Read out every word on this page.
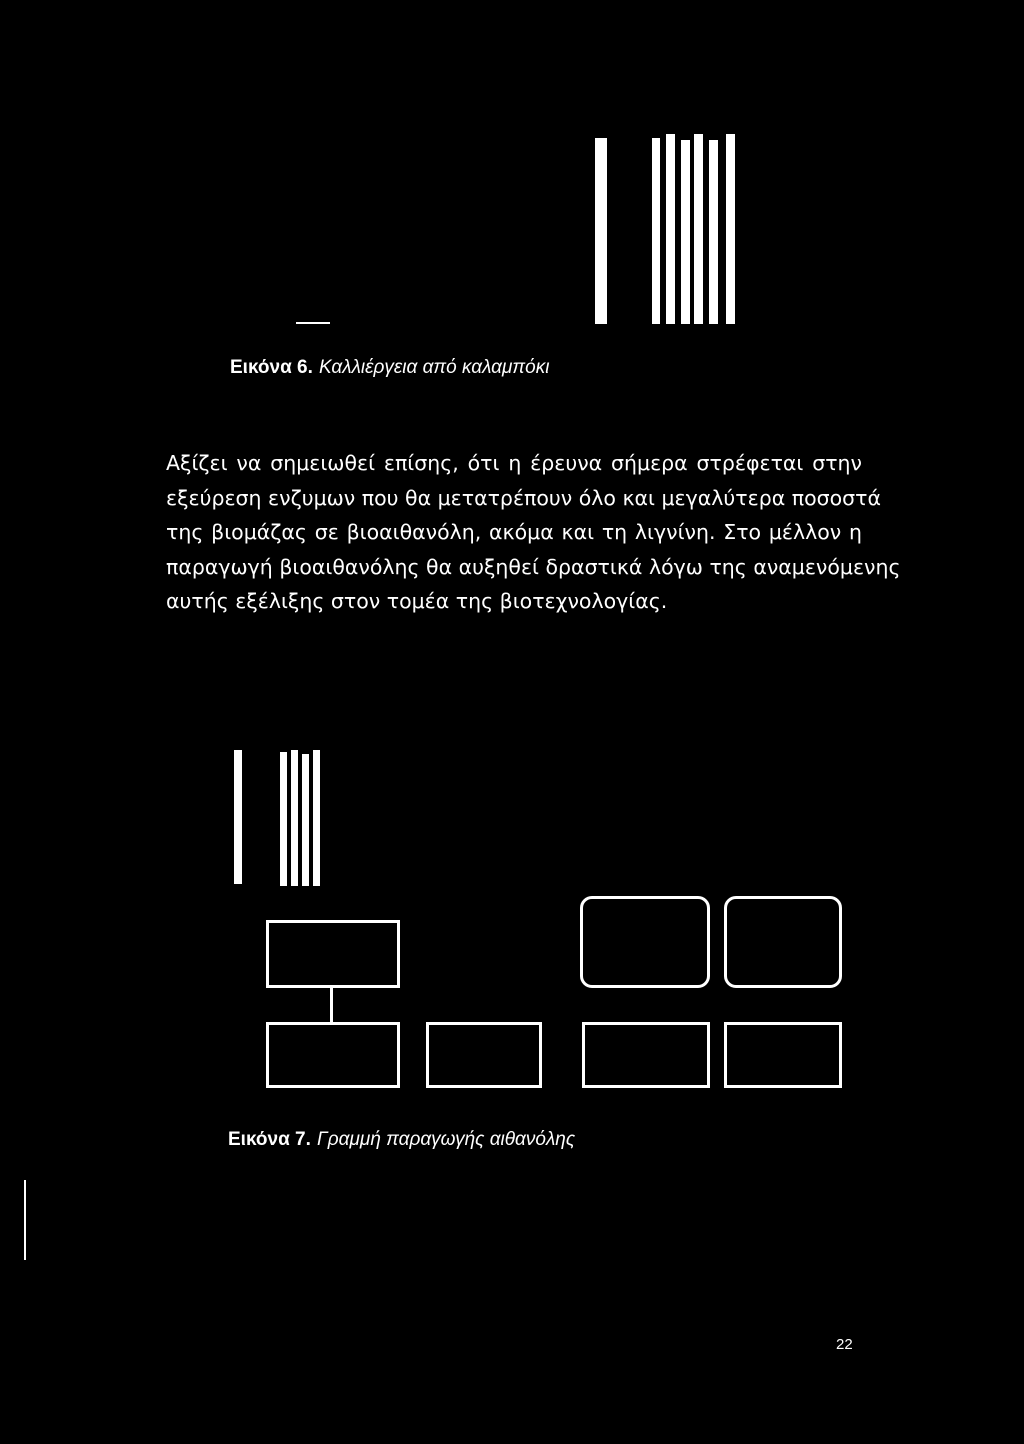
Εικόνα 6. Καλλιέργεια από καλαμπόκι
Αξίζει να σημειωθεί επίσης, ότι η έρευνα σήμερα στρέφεται στην
εξεύρεση ενζυμων που θα μετατρέπουν όλο και μεγαλύτερα ποσοστά
της βιομάζας σε βιοαιθανόλη, ακόμα και τη λιγνίνη. Στο μέλλον η
παραγωγή βιοαιθανόλης θα αυξηθεί δραστικά λόγω της αναμενόμενης
αυτής εξέλιξης στον τομέα της βιοτεχνολογίας.
Εικόνα 7. Γραμμή παραγωγής αιθανόλης
22
